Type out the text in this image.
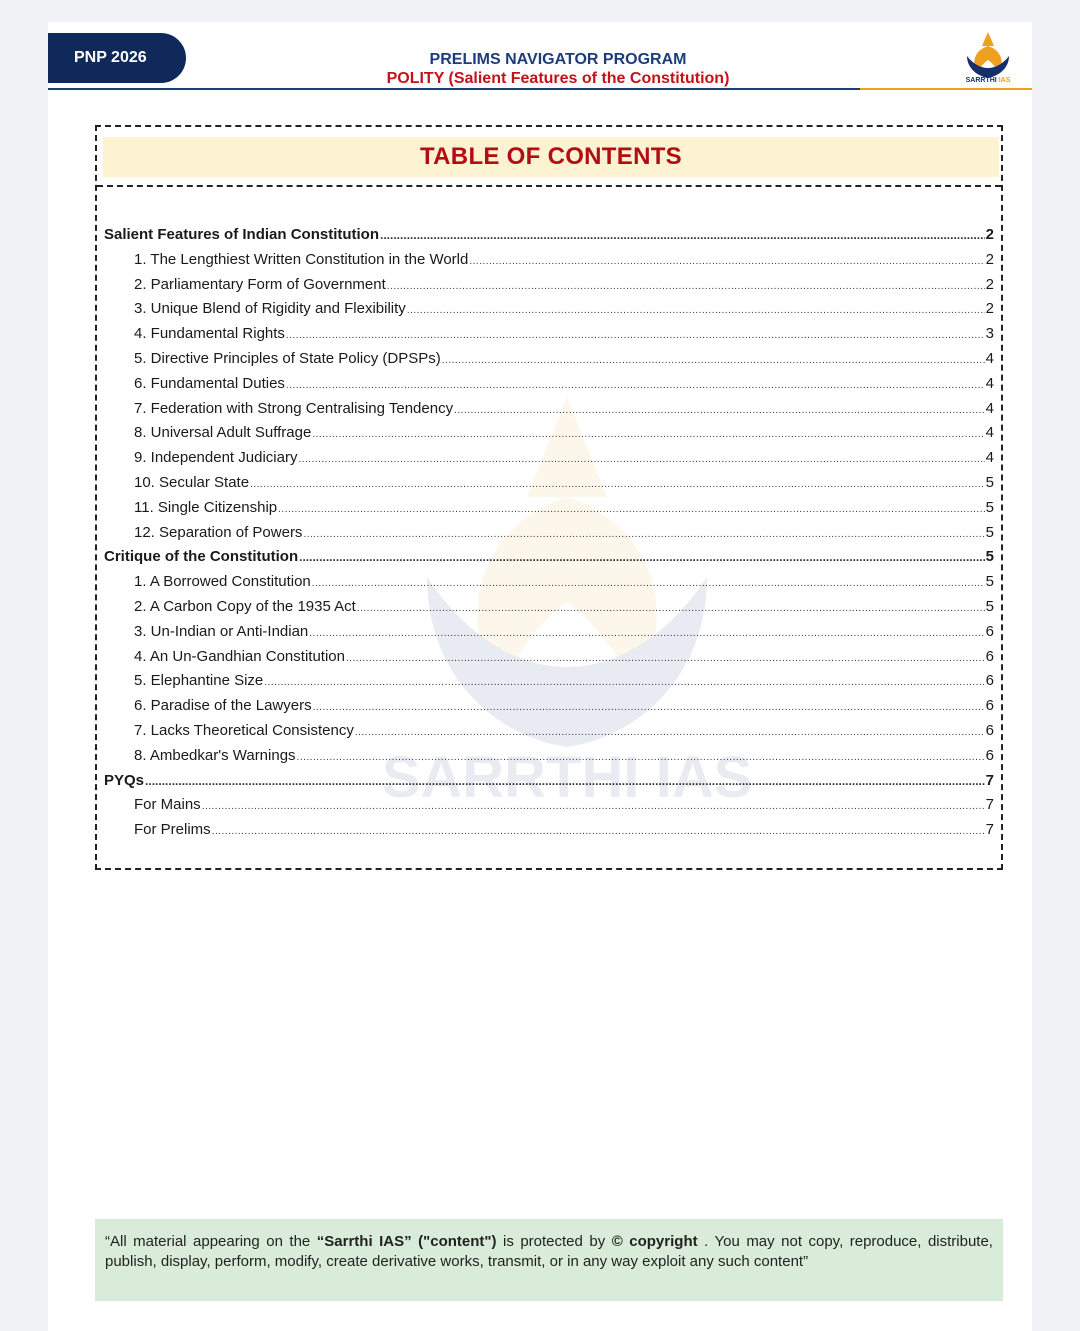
PNP 2026	PRELIMS NAVIGATOR PROGRAM
POLITY (Salient Features of the Constitution)	SARRTHI IAS
TABLE OF CONTENTS
SARRTHI IAS
Salient Features of Indian Constitution .....	2
1. The Lengthiest Written Constitution in the World .....	2
2. Parliamentary Form of Government .....	2
3. Unique Blend of Rigidity and Flexibility .....	2
4. Fundamental Rights .....	3
5. Directive Principles of State Policy (DPSPs) .....	4
6. Fundamental Duties .....	4
7. Federation with Strong Centralising Tendency .....	4
8. Universal Adult Suffrage .....	4
9. Independent Judiciary .....	4
10. Secular State .....	5
11. Single Citizenship .....	5
12. Separation of Powers .....	5
Critique of the Constitution .....	5
1. A Borrowed Constitution .....	5
2. A Carbon Copy of the 1935 Act .....	5
3. Un-Indian or Anti-Indian .....	6
4. An Un-Gandhian Constitution .....	6
5. Elephantine Size .....	6
6. Paradise of the Lawyers .....	6
7. Lacks Theoretical Consistency .....	6
8. Ambedkar's Warnings .....	6
PYQs .....	7
For Mains .....	7
For Prelims .....	7
“All material appearing on the “Sarrthi IAS” ("content") is protected by © copyright . You may not copy, reproduce, distribute, publish, display, perform, modify, create derivative works, transmit, or in any way exploit any such content”
